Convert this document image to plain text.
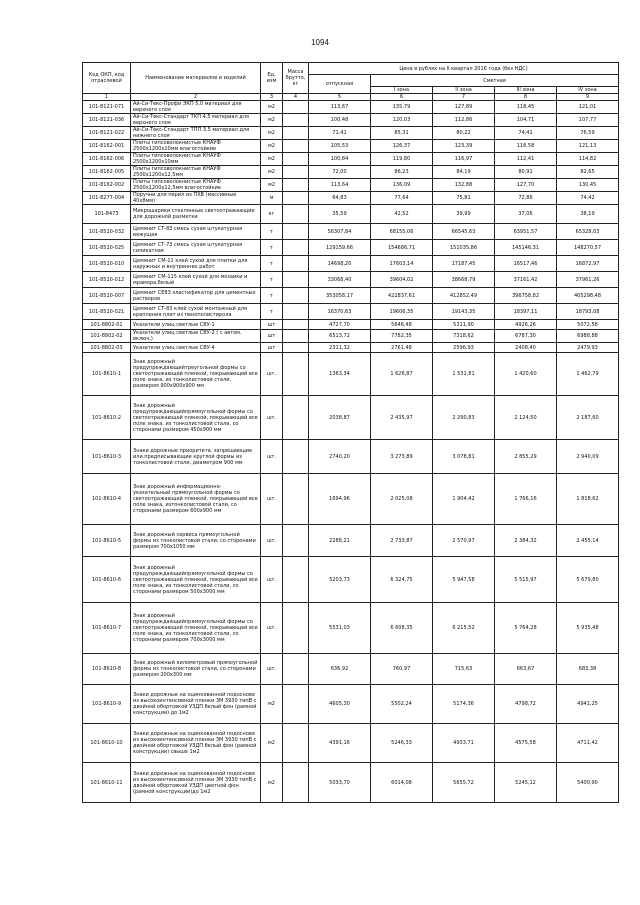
1094
Код ОКП, код отраслевой	Наименование материалов и изделий	Ед. изм	Масса брутто, кг	Цена в рублях на II квартал 2016 года (без НДС)				
				отпускная	Сметная			
					I зона	II зона	III зона	IV зона
1	2	3	4	5	6	7	8	9
101-8121-071	Ай-Си-Текс-Профи ЭКП 5,0 материал для верхнего слоя	м2		113,67	135,79	127,89	118,45	121,01
101-8121-036	Ай-Си-Текс-Стандарт ТКП 4,5 материал для верхнего слоя	м2		100,48	120,03	112,86	104,71	107,77
101-8121-022	Ай-Си-Текс-Стандарт ТПП 3,5 материал для нижнего слоя	м2		71,41	85,31	80,22	74,41	76,59
101-8162-001	Плиты гипсоволокнистые КНАУФ 2500х1200х10мм влагостойкие	м2		105,53	126,37	123,39	118,58	121,13
101-8162-006	Плиты гипсоволокнистые КНАУФ 2500х1200х10мм	м2		100,84	119,80	116,97	112,41	114,82
101-8162-005	Плиты гипсоволокнистые КНАУФ 2500х1200х12,5мм	м2		72,00	86,23	84,19	80,91	82,65
101-8162-002	Плиты гипсоволокнистые КНАУФ 2500х1200х12,5мм влагостойкие	м2		113,64	136,09	132,88	127,70	130,45
101-8277-004	Поручни для перил из ПХВ (массивные 40х8мм)	м		64,83	77,64	75,81	72,86	74,42
101-8473	Микрошарики стеклянные светоотражающие для дорожной разметки	кг		35,59	42,52	39,99	37,06	38,19
101-8510-032	Цемянит СТ-83 смесь сухая штукатурная вяжущая	т		56307,84	68155,06	66545,63	63951,57	65328,03
101-8510-025	Цемянит СТ-73 смесь сухая штукатурная силикатная	т		129159,66	154686,71	151035,86	145146,31	148270,57
101-8510-010	Цемянит СМ-11 клей сухой для плитки для наружных и внутренних работ	т		14698,20	17603,14	17187,45	16517,46	16872,97
101-8510-012	Цемянит СМ-115 клей сухой для мозаики и мрамора,белый	т		33068,40	39604,02	38668,79	37161,42	37961,26
101-8510-007	Цемянит СЕ83 эластификатор для цементных растворов	т		353058,17	422837,61	412852,49	396758,82	405298,48
101-8510-021	Цемянит СТ-83 клей сухой монтажный для крепления плит из пенополистирола	т		16370,63	19606,35	19143,35	18397,11	18793,08
101-8802-01	Указатели улиц светлые СВУ-1	шт		4727,70	5646,48	5311,90	4926,26	5072,58
101-8802-02	Указатели улиц светлые СВУ-2 ( с автом. включ.)	шт		6513,72	7782,35	7318,62	6787,30	6988,88
101-8802-03	Указатели улиц светлые СВУ-4	шт		2311,32	2761,48	2596,93	2408,40	2479,93
101-8610-1	Знак дорожный предупреждающийтреугольной формы со светоотражающей пленкой, покрывающей все поле знака, из тонколистовой стали, размером 900х900х900 мм	шт.		1363,34	1 626,87	1 531,81	1 420,60	1 462,79
101-8610-2	Знак дорожный предупреждающийпрямоугольной формы со светоотражающей пленкой, покрывающей все поле знака, из тонколистовой стали, со сторонами размером 450х900 мм	шт.		2038,87	2 435,97	2 290,83	2 124,50	2 187,60
101-8610-3	Знаки дорожные приоритета, запрещающие или предписывающие круглой формы из тонколистовой стали, диаметром 900 мм	шт.		2740,20	3 273,89	3 078,81	2 855,29	2 940,09
101-8610-4	Знак дорожный информационно-указательный прямоугольной формы со светоотражающей пленкой, покрывающей все поле знака, изтонколистовой стали, со сторонами размером 600х900 мм	шт.		1694,96	2 025,08	1 904,42	1 766,16	1 818,62
101-8610-5	Знак дорожный сервиса прямоугольной формы из тонколистовой стали, со сторонами размером 700х1050 мм	шт.		2288,21	2 733,87	2 570,97	2 384,32	2 455,14
101-8610-6	Знак дорожный предупреждающийпрямоугольной формы со светоотражающей пленкой, покрывающей все поле знака, из тонколистовой стали, со сторонами размером 500х3000 мм	шт.		5203,73	6 324,75	5 947,58	5 515,97	5 679,80
101-8610-7	Знак дорожный предупреждающийпрямоугольной формы со светоотражающей пленкой, покрывающей все поле знака, из тонколистовой стали, со сторонами размером 700х3000 мм	шт.		5531,03	6 608,35	6 215,52	5 764,28	5 935,48
101-8610-8	Знак дорожный километровый прямоугольной формы из тонколистовой стали, со сторонами размером 200х300 мм	шт.		636,92	760,97	715,63	663,67	683,38
101-8610-9	Знаки дорожные на оцинкованной подоснове из высокоинтенсивной пленки 3М 3930 типВ с двойной обортовкой УЗДП белый фон (рамной конструкции) до 1м2	м2		4605,30	5502,24	5174,36	4798,72	4941,25
101-8610-10	Знаки дорожные на оцинкованной подоснове из высокоинтенсивной пленки 3М 3930 типВ с двойной обортовкой УЗДП белый фон (рамной конструкции) свыше 1м2	м2		4391,16	5246,33	4933,71	4575,58	4711,42
101-8610-11	Знаки дорожные на оцинкованной подоснове из высокоинтенсивной пленки 3М 3930 типВ с двойной обортовкой УЗДП цветной фон (рамной конструкции)до 1м2	м2		5033,70	6014,08	5655,72	5245,12	5400,90
